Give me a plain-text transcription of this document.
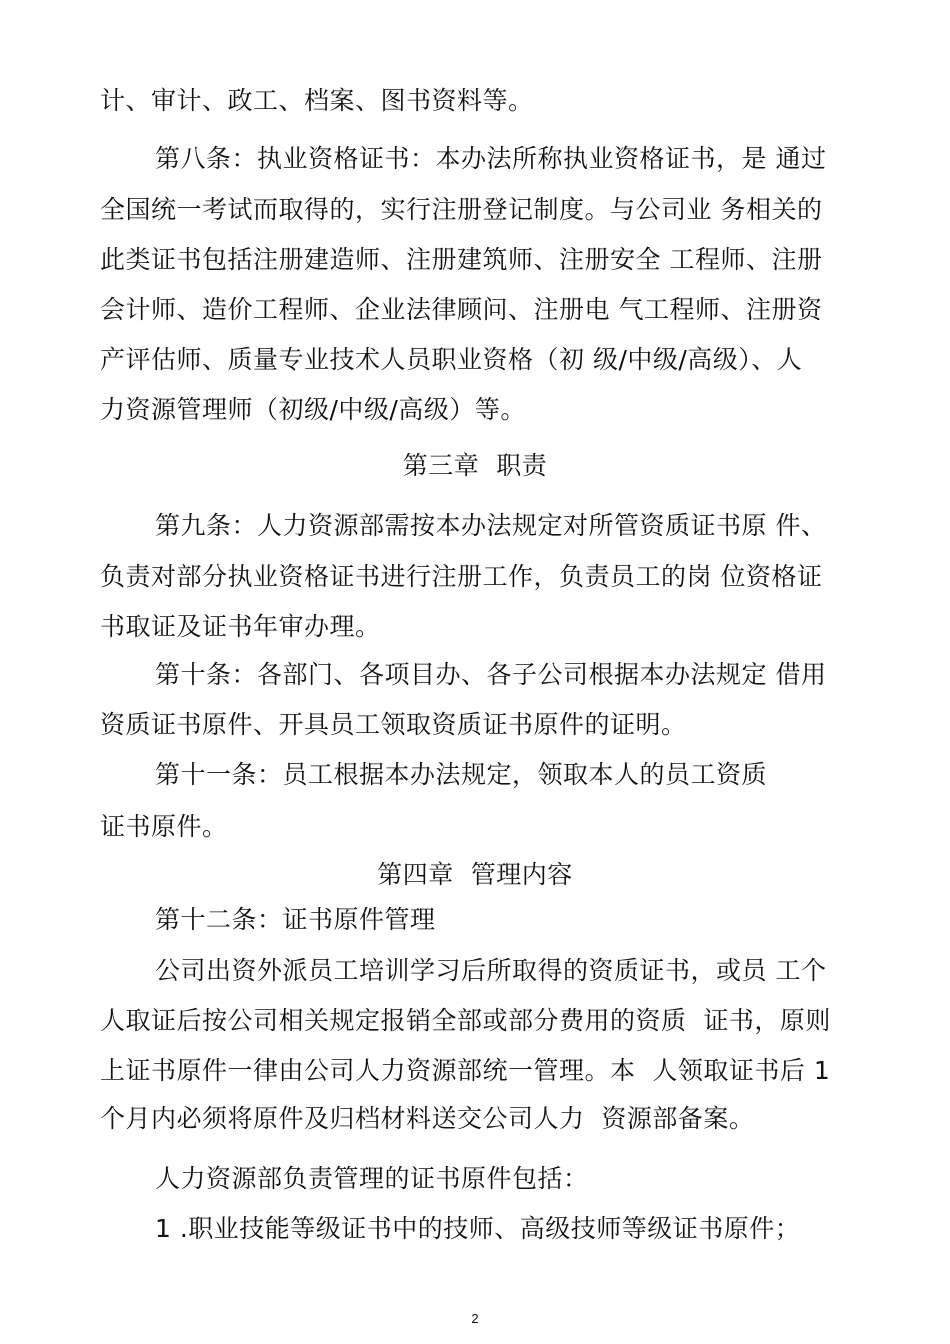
计、审计、政工、档案、图书资料等。
第八条：执业资格证书：本办法所称执业资格证书，是 通过
全国统一考试而取得的，实行注册登记制度。与公司业 务相关的
此类证书包括注册建造师、注册建筑师、注册安全 工程师、注册
会计师、造价工程师、企业法律顾问、注册电 气工程师、注册资
产评估师、质量专业技术人员职业资格（初 级/中级/高级）、人
力资源管理师（初级/中级/高级）等。
第三章  职责
第九条：人力资源部需按本办法规定对所管资质证书原 件、
负责对部分执业资格证书进行注册工作，负责员工的岗 位资格证
书取证及证书年审办理。
第十条：各部门、各项目办、各子公司根据本办法规定 借用
资质证书原件、开具员工领取资质证书原件的证明。
第十一条：员工根据本办法规定，领取本人的员工资质
证书原件。
第四章  管理内容
第十二条：证书原件管理
公司出资外派员工培训学习后所取得的资质证书，或员 工个
人取证后按公司相关规定报销全部或部分费用的资质  证书，原则
上证书原件一律由公司人力资源部统一管理。本  人领取证书后 1
个月内必须将原件及归档材料送交公司人力  资源部备案。
人力资源部负责管理的证书原件包括：
1 .职业技能等级证书中的技师、高级技师等级证书原件；
2
